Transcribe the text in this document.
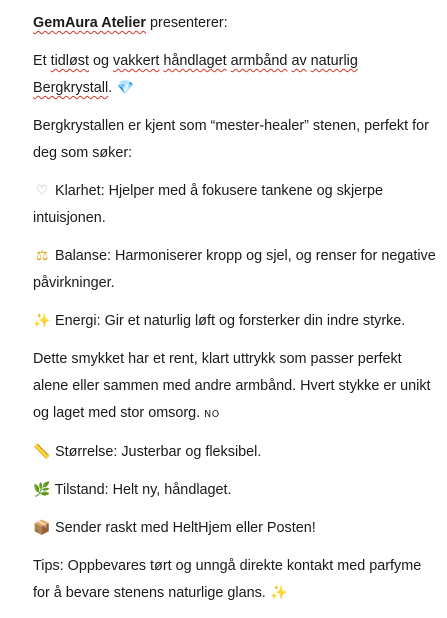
GemAura Atelier presenterer:

Et tidløst og vakkert håndlaget armbånd av naturlig
Bergkrystall. 💎

Bergkrystallen er kjent som “mester-healer” stenen, perfekt for deg som søker:

♡ Klarhet: Hjelper med å fokusere tankene og skjerpe intuisjonen.

⚖ Balanse: Harmoniserer kropp og sjel, og renser for negative påvirkninger.

✨ Energi: Gir et naturlig løft og forsterker din indre styrke.

Dette smykket har et rent, klart uttrykk som passer perfekt alene eller sammen med andre armbånd. Hvert stykke er unikt og laget med stor omsorg. NO

📏 Størrelse: Justerbar og fleksibel.

🌿 Tilstand: Helt ny, håndlaget.

📦 Sender raskt med HeltHjem eller Posten!

Tips: Oppbevares tørt og unngå direkte kontakt med parfyme for å bevare stenens naturlige glans. ✨
